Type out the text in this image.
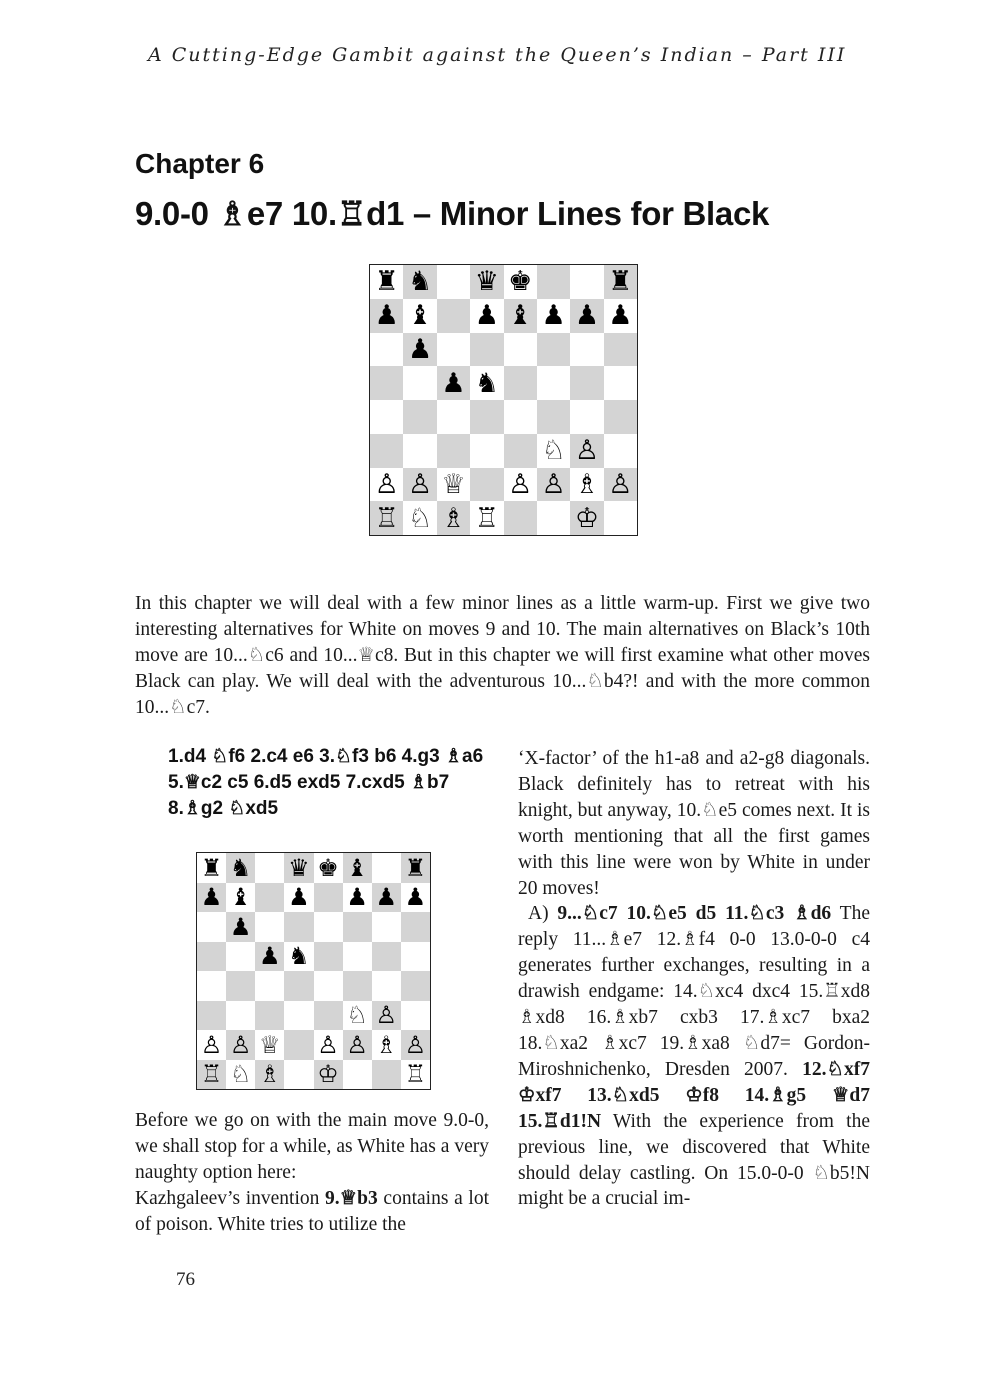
A Cutting-Edge Gambit against the Queen’s Indian – Part III
Chapter 6
9.0-0 ♗e7 10.♖d1 – Minor Lines for Black
♜ ♞ ♛ ♚	♜
♟ ♝ ♟ ♝ ♟ ♟ ♟
♟
♟ ♞
♘ ♙
♙ ♙ ♕ ♙ ♙ ♗ ♙
♖ ♘ ♗ ♖	♔

In this chapter we will deal with a few minor lines as a little warm-up. First we give two interesting alternatives for White on moves 9 and 10. The main alternatives on Black’s 10th move are 10...♘c6 and 10...♕c8. But in this chapter we will first examine what other moves Black can play. We will deal with the adventurous 10...♘b4?! and with the more common 10...♘c7.

1.d4 ♘f6 2.c4 e6 3.♘f3 b6 4.g3 ♗a6 5.♕c2 c5 6.d5 exd5 7.cxd5 ♗b7 8.♗g2 ♘xd5
♜ ♞ ♛ ♚ ♝ ♜
♟ ♝ ♟ ♟ ♟ ♟
♟
♟ ♞
♘ ♙
♙ ♙ ♕ ♙ ♙ ♗ ♙
♖ ♘ ♗ ♔	♖

Before we go on with the main move 9.0-0, we shall stop for a while, as White has a very naughty option here:

Kazhgaleev’s invention 9.♕b3 contains a lot of poison. White tries to utilize the

‘X-factor’ of the h1-a8 and a2-g8 diagonals. Black definitely has to retreat with his knight, but anyway, 10.♘e5 comes next. It is worth mentioning that all the first games with this line were won by White in under 20 moves!

A) 9...♘c7 10.♘e5 d5 11.♘c3 ♗d6 The reply 11...♗e7 12.♗f4 0-0 13.0-0-0 c4 generates further exchanges, resulting in a drawish endgame: 14.♘xc4 dxc4 15.♖xd8 ♗xd8 16.♗xb7 cxb3 17.♗xc7 bxa2 18.♘xa2 ♗xc7 19.♗xa8 ♘d7= Gordon-Miroshnichenko, Dresden 2007. 12.♘xf7 ♔xf7 13.♘xd5 ♔f8 14.♗g5 ♕d7 15.♖d1!N With the experience from the previous line, we discovered that White should delay castling. On 15.0-0-0 ♘b5!N might be a crucial im-

76
